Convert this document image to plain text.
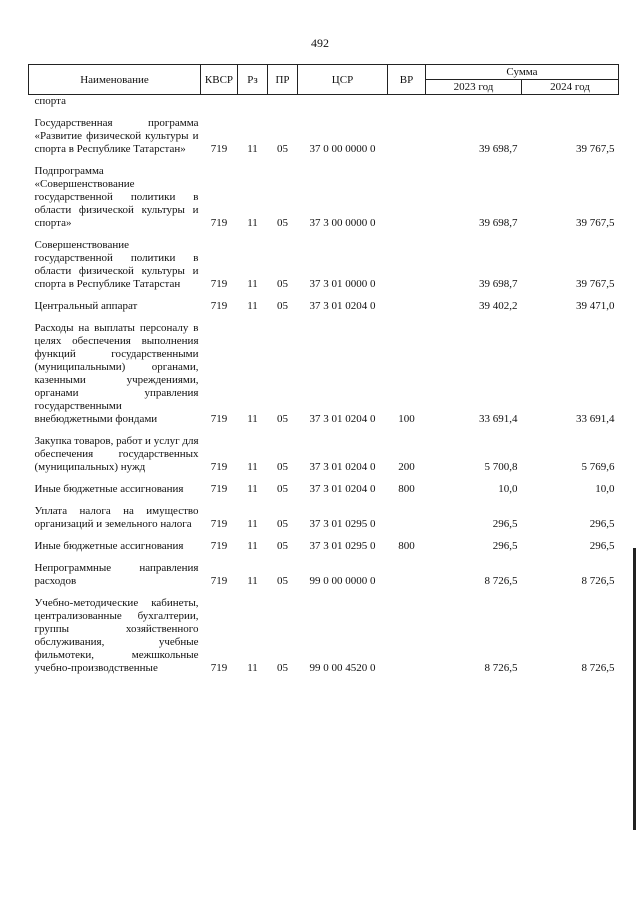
492
Наименование	КВСР	Рз	ПР	ЦСР	ВР	Сумма	
						2023 год	2024 год
спорта							
Государственная программа «Развитие физической культуры и спорта в Республике Татарстан»	719	11	05	37 0 00 0000 0		39 698,7	39 767,5
Подпрограмма «Совершенствование государственной политики в области физической культуры и спорта»	719	11	05	37 3 00 0000 0		39 698,7	39 767,5
Совершенствование государственной политики в области физической культуры и спорта в Республике Татарстан	719	11	05	37 3 01 0000 0		39 698,7	39 767,5
Центральный аппарат	719	11	05	37 3 01 0204 0		39 402,2	39 471,0
Расходы на выплаты персоналу в целях обеспечения выполнения функций государственными (муниципальными) органами, казенными учреждениями, органами управления государственными внебюджетными фондами	719	11	05	37 3 01 0204 0	100	33 691,4	33 691,4
Закупка товаров, работ и услуг для обеспечения государственных (муниципальных) нужд	719	11	05	37 3 01 0204 0	200	5 700,8	5 769,6
Иные бюджетные ассигнования	719	11	05	37 3 01 0204 0	800	10,0	10,0
Уплата налога на имущество организаций и земельного налога	719	11	05	37 3 01 0295 0		296,5	296,5
Иные бюджетные ассигнования	719	11	05	37 3 01 0295 0	800	296,5	296,5
Непрограммные направления расходов	719	11	05	99 0 00 0000 0		8 726,5	8 726,5
Учебно-методические кабинеты, централизованные бухгалтерии, группы хозяйственного обслуживания, учебные фильмотеки, межшкольные учебно-производственные	719	11	05	99 0 00 4520 0		8 726,5	8 726,5
